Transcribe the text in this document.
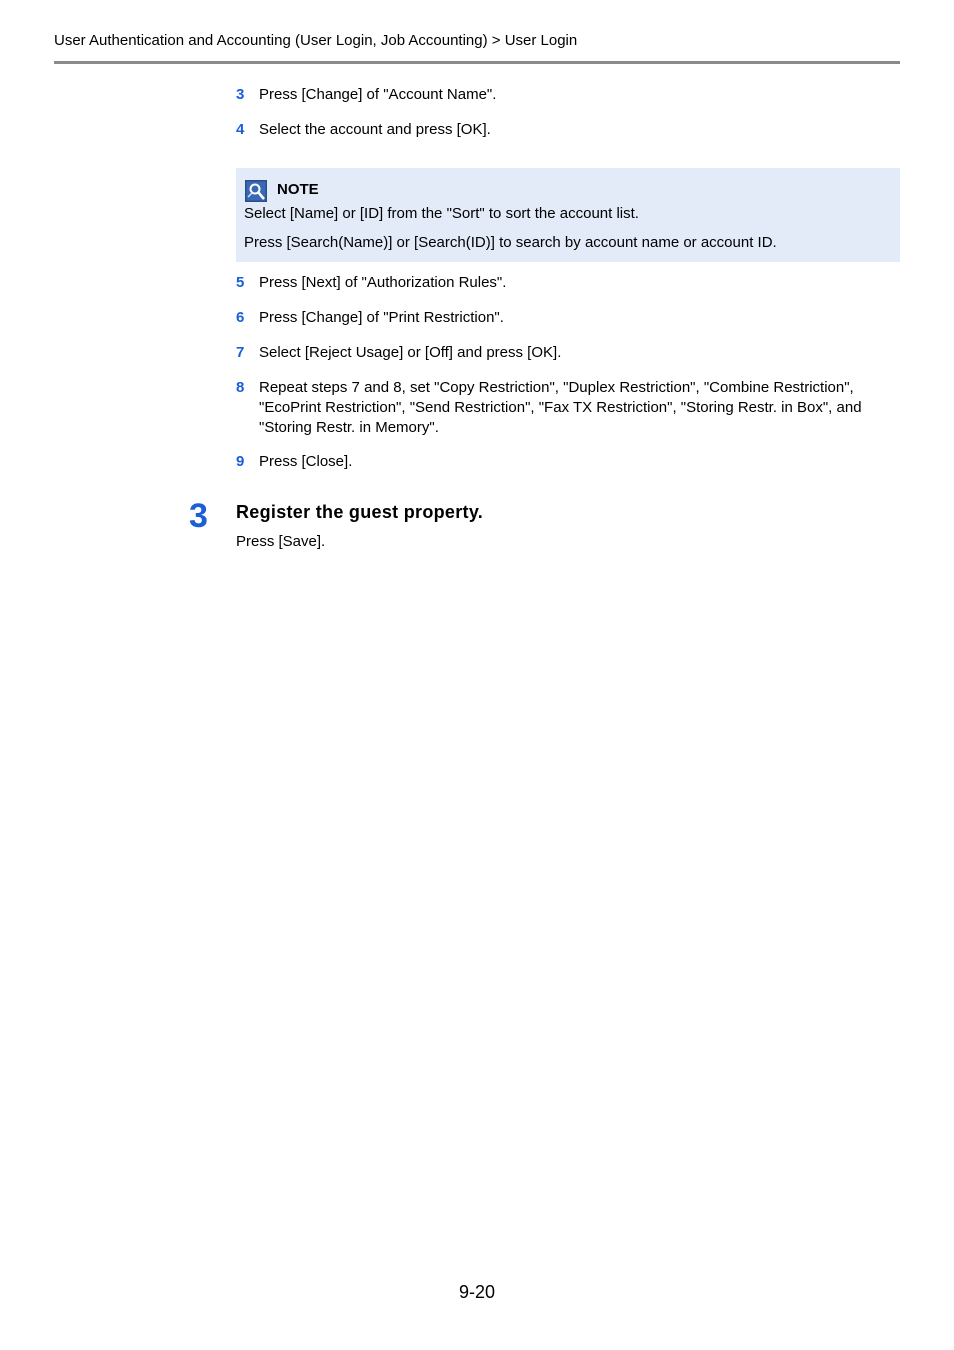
User Authentication and Accounting (User Login, Job Accounting) > User Login
3 Press [Change] of "Account Name".
4 Select the account and press [OK].
NOTE
Select [Name] or [ID] from the "Sort" to sort the account list.
Press [Search(Name)] or [Search(ID)] to search by account name or account ID.
5 Press [Next] of "Authorization Rules".
6 Press [Change] of "Print Restriction".
7 Select [Reject Usage] or [Off] and press [OK].
8 Repeat steps 7 and 8, set "Copy Restriction", "Duplex Restriction", "Combine Restriction", "EcoPrint Restriction", "Send Restriction", "Fax TX Restriction", "Storing Restr. in Box", and "Storing Restr. in Memory".
9 Press [Close].
3 Register the guest property.
Press [Save].
9-20
